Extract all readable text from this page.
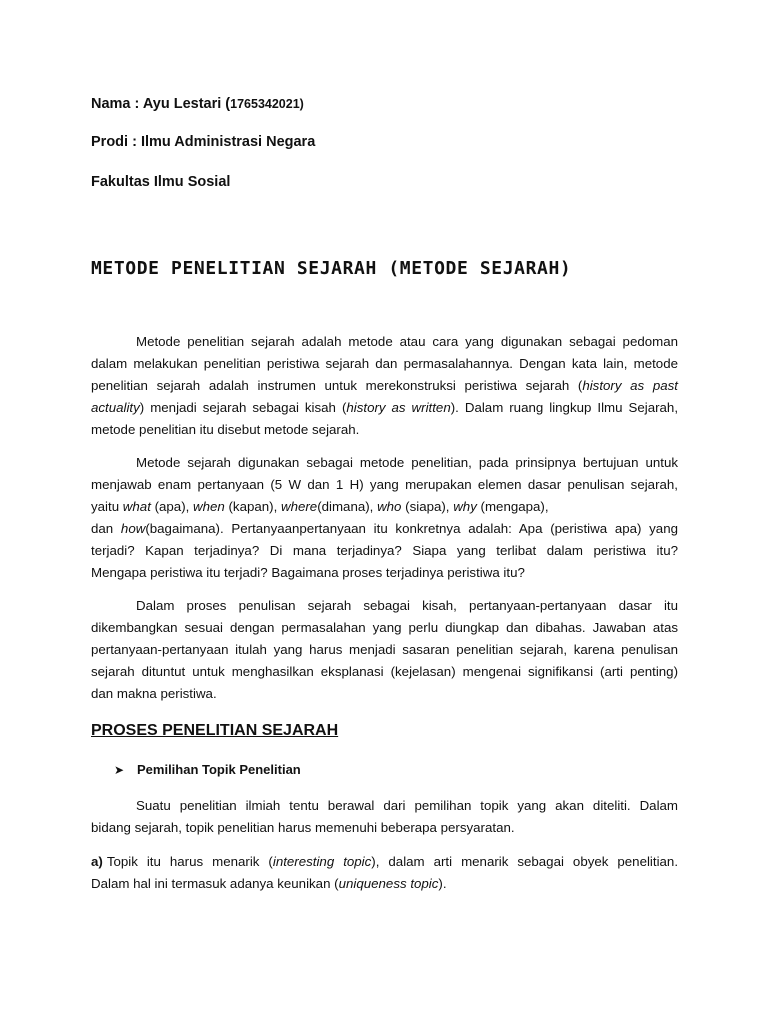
Nama : Ayu Lestari (1765342021)
Prodi : Ilmu Administrasi Negara
Fakultas Ilmu Sosial
METODE PENELITIAN SEJARAH (METODE SEJARAH)
Metode penelitian sejarah adalah metode atau cara yang digunakan sebagai pedoman
dalam melakukan penelitian peristiwa sejarah dan permasalahannya. Dengan kata lain, metode
penelitian sejarah adalah instrumen untuk merekonstruksi peristiwa sejarah (history as past
actuality) menjadi sejarah sebagai kisah (history as written). Dalam ruang lingkup Ilmu Sejarah,
metode penelitian itu disebut metode sejarah.
Metode sejarah digunakan sebagai metode penelitian, pada prinsipnya bertujuan untuk
menjawab enam pertanyaan (5 W dan 1 H) yang merupakan elemen dasar penulisan sejarah,
yaitu what (apa), when (kapan), where(dimana), who (siapa), why (mengapa),
dan how(bagaimana). Pertanyaanpertanyaan itu konkretnya adalah: Apa (peristiwa apa) yang
terjadi? Kapan terjadinya? Di mana terjadinya? Siapa yang terlibat dalam peristiwa itu?
Mengapa peristiwa itu terjadi? Bagaimana proses terjadinya peristiwa itu?
Dalam proses penulisan sejarah sebagai kisah, pertanyaan-pertanyaan dasar itu
dikembangkan sesuai dengan permasalahan yang perlu diungkap dan dibahas. Jawaban atas
pertanyaan-pertanyaan itulah yang harus menjadi sasaran penelitian sejarah, karena penulisan
sejarah dituntut untuk menghasilkan eksplanasi (kejelasan) mengenai signifikansi (arti penting)
dan makna peristiwa.
PROSES PENELITIAN SEJARAH
➤ Pemilihan Topik Penelitian
Suatu penelitian ilmiah tentu berawal dari pemilihan topik yang akan diteliti. Dalam
bidang sejarah, topik penelitian harus memenuhi beberapa persyaratan.
a) Topik itu harus menarik (interesting topic), dalam arti menarik sebagai obyek penelitian.
Dalam hal ini termasuk adanya keunikan (uniqueness topic).
